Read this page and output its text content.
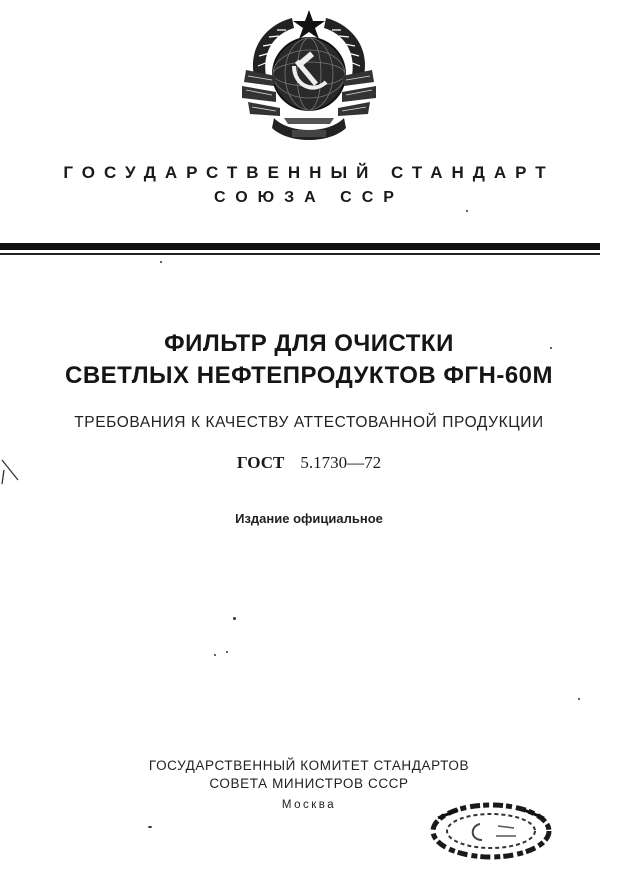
ГОСУДАРСТВЕННЫЙ СТАНДАРТ

СОЮЗА ССР

ФИЛЬТР ДЛЯ ОЧИСТКИ

СВЕТЛЫХ НЕФТЕПРОДУКТОВ ФГН-60М

ТРЕБОВАНИЯ К КАЧЕСТВУ АТТЕСТОВАННОЙ ПРОДУКЦИИ

ГОСТ 5.1730—72

Издание официальное

ГОСУДАРСТВЕННЫЙ КОМИТЕТ СТАНДАРТОВ

СОВЕТА МИНИСТРОВ СССР

Москва
